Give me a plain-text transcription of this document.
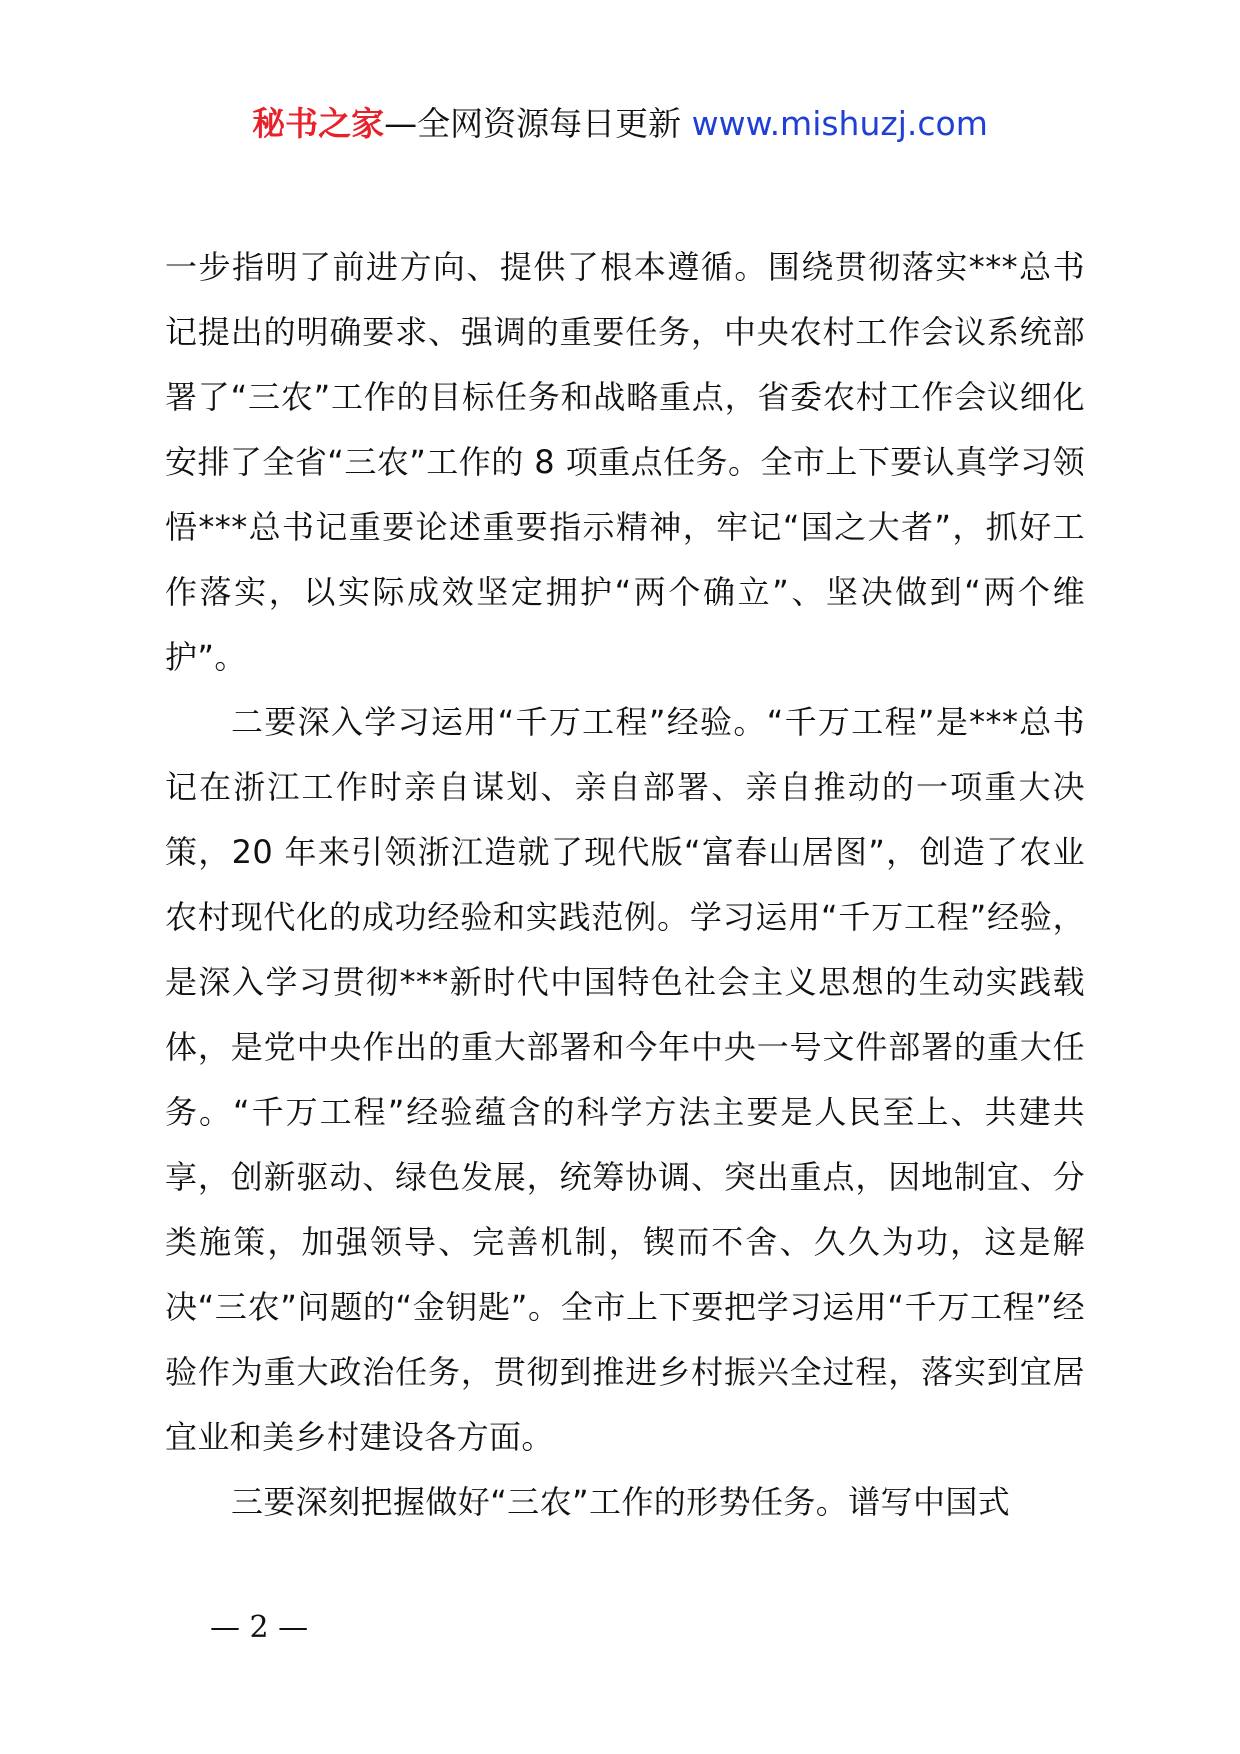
秘书之家—全网资源每日更新 www.mishuzj.com

一步指明了前进方向、提供了根本遵循。围绕贯彻落实***总书记提出的明确要求、强调的重要任务，中央农村工作会议系统部署了“三农”工作的目标任务和战略重点，省委农村工作会议细化安排了全省“三农”工作的 8 项重点任务。全市上下要认真学习领悟***总书记重要论述重要指示精神，牢记“国之大者”，抓好工作落实，以实际成效坚定拥护“两个确立”、坚决做到“两个维护”。

二要深入学习运用“千万工程”经验。“千万工程”是***总书记在浙江工作时亲自谋划、亲自部署、亲自推动的一项重大决策，20 年来引领浙江造就了现代版“富春山居图”，创造了农业农村现代化的成功经验和实践范例。学习运用“千万工程”经验，是深入学习贯彻***新时代中国特色社会主义思想的生动实践载体，是党中央作出的重大部署和今年中央一号文件部署的重大任务。“千万工程”经验蕴含的科学方法主要是人民至上、共建共享，创新驱动、绿色发展，统筹协调、突出重点，因地制宜、分类施策，加强领导、完善机制，锲而不舍、久久为功，这是解决“三农”问题的“金钥匙”。全市上下要把学习运用“千万工程”经验作为重大政治任务，贯彻到推进乡村振兴全过程，落实到宜居宜业和美乡村建设各方面。

三要深刻把握做好“三农”工作的形势任务。谱写中国式

— 2 —
